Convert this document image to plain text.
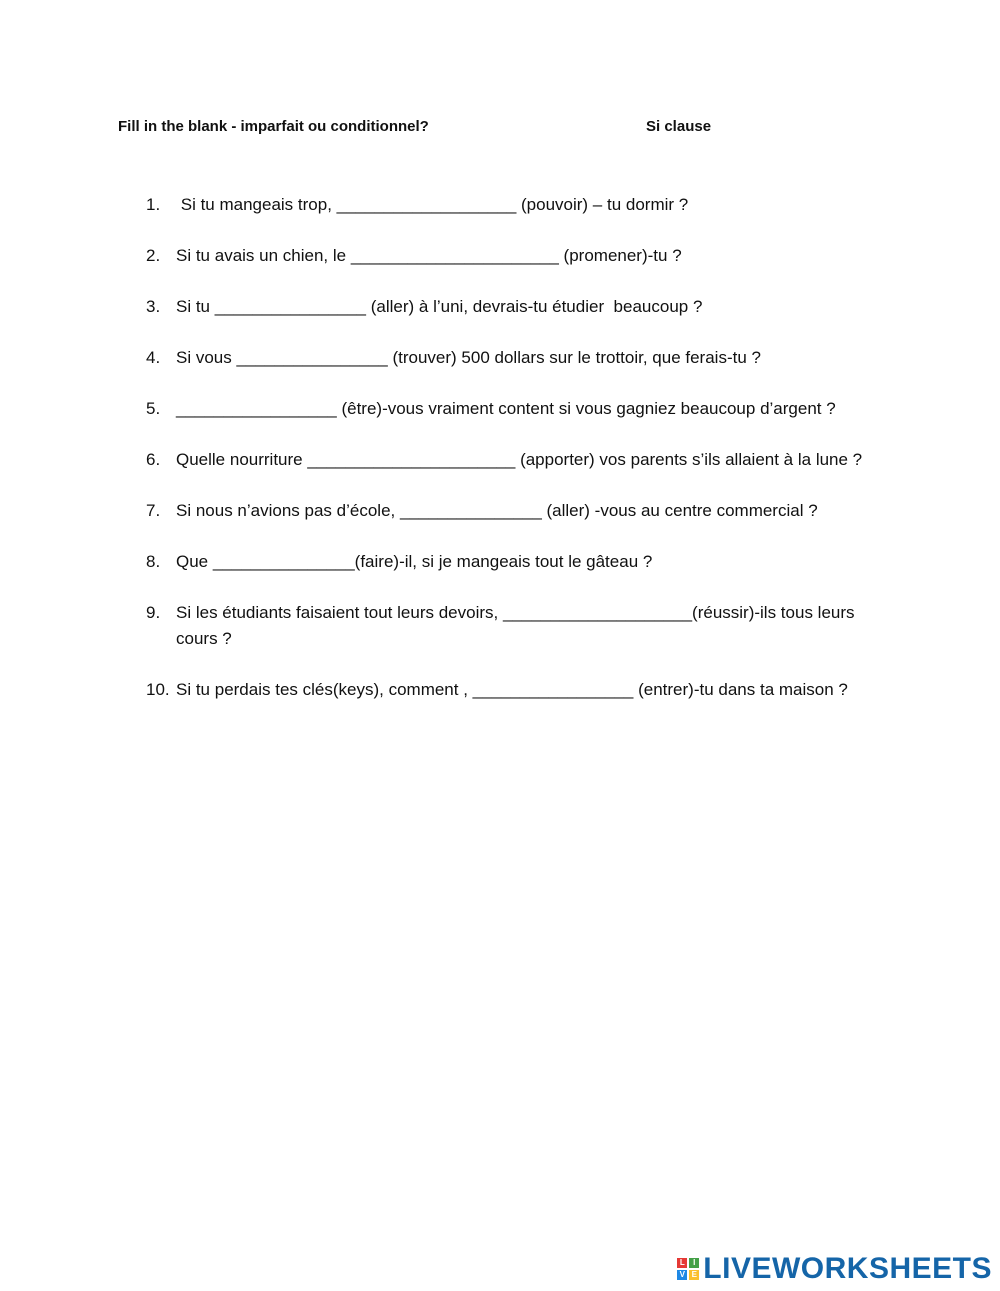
Fill in the blank - imparfait ou conditionnel?	Si clause
1. Si tu mangeais trop, ___________________ (pouvoir) – tu dormir ?
2. Si tu avais un chien, le ______________________ (promener)-tu ?
3. Si tu ________________ (aller) à l’uni, devrais-tu étudier  beaucoup ?
4. Si vous ________________ (trouver) 500 dollars sur le trottoir, que ferais-tu ?
5. _________________ (être)-vous vraiment content si vous gagniez beaucoup d’argent ?
6. Quelle nourriture ______________________ (apporter) vos parents s’ils allaient à la lune ?
7. Si nous n’avions pas d’école, _______________ (aller) -vous au centre commercial ?
8. Que _______________(faire)-il, si je mangeais tout le gâteau ?
9. Si les étudiants faisaient tout leurs devoirs, ____________________(réussir)-ils tous leurs cours ?
10. Si tu perdais tes clés(keys), comment , _________________ (entrer)-tu dans ta maison ?
L	I
V E LIVEWORKSHEETS
